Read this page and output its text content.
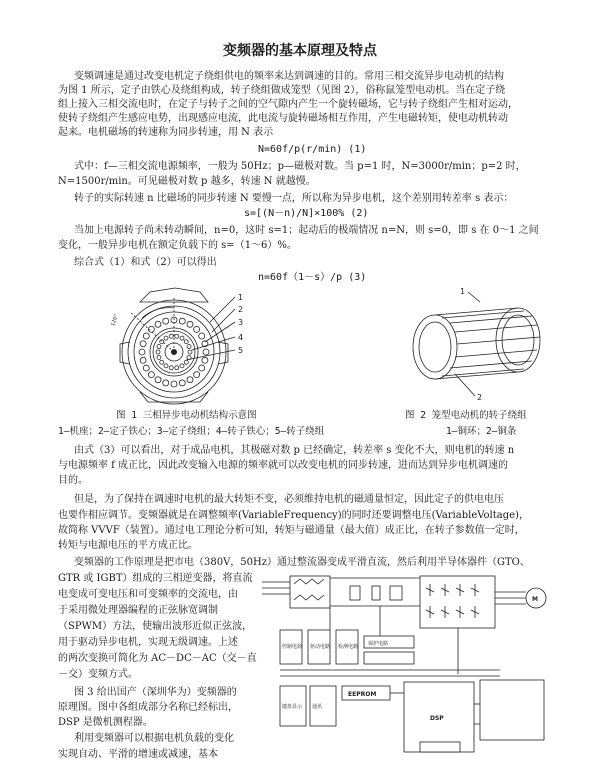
变频器的基本原理及特点
变频调速是通过改变电机定子绕组供电的频率来达到调速的目的。常用三相交流异步电动机的结构
为图 1 所示，定子由铁心及绕组构成，转子绕组做成笼型（见图 2），俗称鼠笼型电动机。当在定子绕
组上接入三相交流电时，在定子与转子之间的空气隙内产生一个旋转磁场，它与转子绕组产生相对运动，
使转子绕组产生感应电势，出现感应电流，此电流与旋转磁场相互作用，产生电磁转矩，使电动机转动
起来。电机磁场的转速称为同步转速，用 N 表示
N=60f/p(r/min) (1)
式中：f—三相交流电源频率，一般为 50Hz；p—磁极对数。当 p=1 时，N=3000r/min；p=2 时，
N=1500r/min。可见磁极对数 p 越多，转速 N 就越慢。
转子的实际转速 n 比磁场的同步转速 N 要慢一点，所以称为异步电机，这个差别用转差率 s 表示：
s=[(N－n)/N]×100% (2)
当加上电源转子尚未转动瞬间，n=0，这时 s=1；起动后的极端情况 n=N，则 s=0，即 s 在 0～1 之间
变化，一般异步电机在额定负载下的 s=（1～6）%。
综合式（1）和式（2）可以得出
n=60f（1－s）/p (3)
120°
1
2
3
4
5
1
2
图 1 三相异步电动机结构示意图	图 2 笼型电动机的转子绕组
1—机座；2—定子铁心；3—定子绕组；4—转子铁心；5—转子绕组	1—铜环；2—铜条
由式（3）可以看出，对于成品电机，其极磁对数 p 已经确定，转差率 s 变化不大，则电机的转速 n
与电源频率 f 成正比，因此改变输入电源的频率就可以改变电机的同步转速，进而达到异步电机调速的
目的。
但是，为了保持在调速时电机的最大转矩不变，必须维持电机的磁通量恒定，因此定子的供电电压
也要作相应调节。变频器就是在调整频率(VariableFrequency)的同时还要调整电压(VariableVoltage)，
故简称 VVVF（装置）。通过电工理论分析可知，转矩与磁通量（最大值）成正比，在转子参数值一定时，
转矩与电源电压的平方成正比。
变频器的工作原理是把市电（380V，50Hz）通过整流器变成平滑直流，然后利用半导体器件（GTO、
GTR 或 IGBT）组成的三相逆变器，将直流
电变成可变电压和可变频率的交流电，由
于采用微处理器编程的正弦脉宽调制
（SPWM）方法，使输出波形近似正弦波，
用于驱动异步电机，实现无级调速。上述
的两次变换可简化为 AC－DC－AC（交－直
－交）变频方式。
图 3 给出国产（深圳华为）变频器的
原理图。图中各组成部分名称已经标出，
DSP 是微机测程器。
利用变频器可以根据电机负载的变化
实现自动、平滑的增速或减速，基本
M
控制电源 驱动电路 检测电路 保护电路
键盘显示 通讯
EEPROM
DSP
